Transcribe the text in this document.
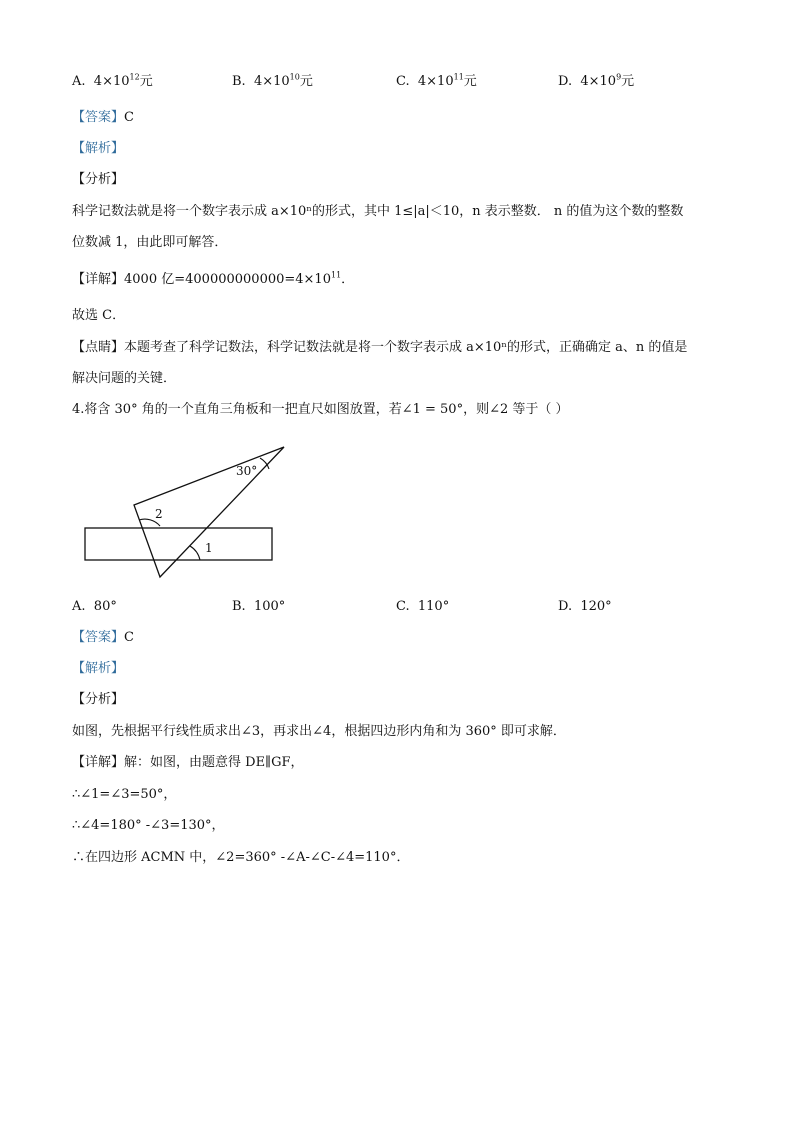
A. $4\times 10^{12}$元	B. $4\times 10^{10}$元	C. $4\times 10^{11}$元	D. $4\times 10^9$元
【答案】C
【解析】
【分析】
科学记数法就是将一个数字表示成 a×10ⁿ的形式，其中 1≤|a|＜10，n 表示整数． n 的值为这个数的整数
位数减 1，由此即可解答．
【详解】4000 亿$=400000000000=4\times 10^{11}$．
故选 C．
【点睛】本题考查了科学记数法，科学记数法就是将一个数字表示成 a×10ⁿ的形式，正确确定 a、n 的值是
解决问题的关键．
4.将含 30° 角的一个直角三角板和一把直尺如图放置，若∠1 = 50°，则∠2 等于（ ）
30°
2
1
A. 80°	B. 100°	C. 110°	D. 120°
【答案】C
【解析】
【分析】
如图，先根据平行线性质求出∠3，再求出∠4，根据四边形内角和为 360° 即可求解．
【详解】解：如图，由题意得 DE∥GF，
∴∠1=∠3=50°，
∴∠4=180° -∠3=130°，
∴在四边形 ACMN 中，∠2=360° -∠A-∠C-∠4=110°．
